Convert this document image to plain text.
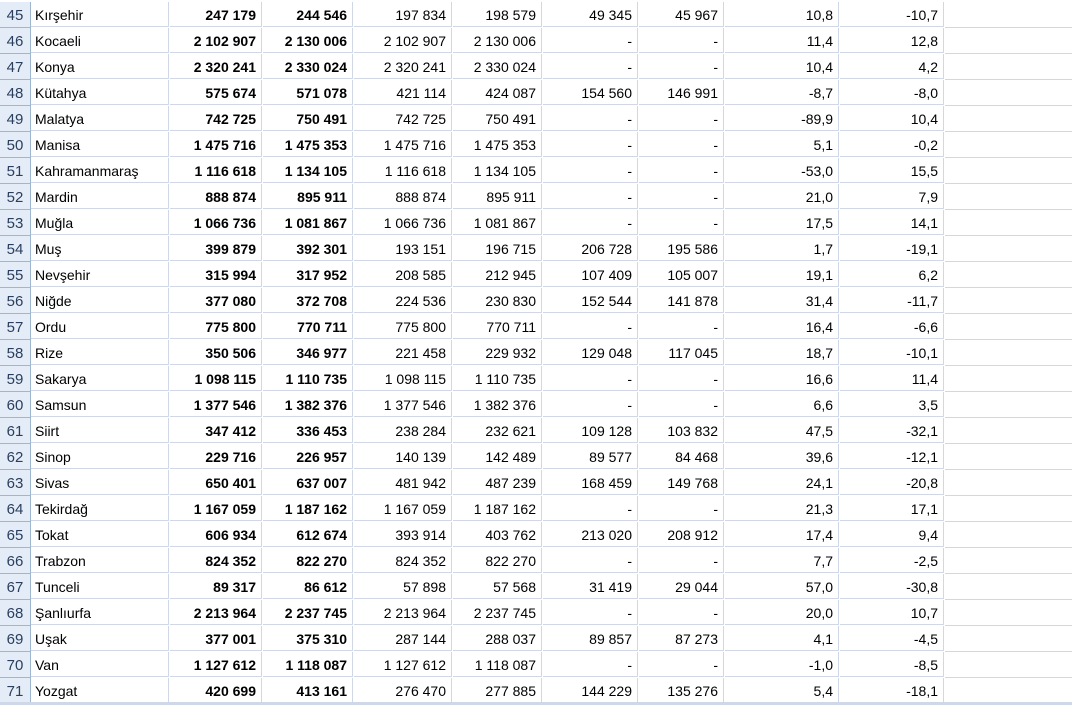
45 Kırşehir	247 179	244 546	197 834	198 579	49 345	45 967	10,8	-10,7
46 Kocaeli	2 102 907	2 130 006	2 102 907	2 130 006	-	-	11,4	12,8
47 Konya	2 320 241	2 330 024	2 320 241	2 330 024	-	-	10,4	4,2
48 Kütahya	575 674	571 078	421 114	424 087	154 560	146 991	-8,7	-8,0
49 Malatya	742 725	750 491	742 725	750 491	-	-	-89,9	10,4
50 Manisa	1 475 716	1 475 353	1 475 716	1 475 353	-	-	5,1	-0,2
51 Kahramanmaraş	1 116 618	1 134 105	1 116 618	1 134 105	-	-	-53,0	15,5
52 Mardin	888 874	895 911	888 874	895 911	-	-	21,0	7,9
53 Muğla	1 066 736	1 081 867	1 066 736	1 081 867	-	-	17,5	14,1
54 Muş	399 879	392 301	193 151	196 715	206 728	195 586	1,7	-19,1
55 Nevşehir	315 994	317 952	208 585	212 945	107 409	105 007	19,1	6,2
56 Niğde	377 080	372 708	224 536	230 830	152 544	141 878	31,4	-11,7
57 Ordu	775 800	770 711	775 800	770 711	-	-	16,4	-6,6
58 Rize	350 506	346 977	221 458	229 932	129 048	117 045	18,7	-10,1
59 Sakarya	1 098 115	1 110 735	1 098 115	1 110 735	-	-	16,6	11,4
60 Samsun	1 377 546	1 382 376	1 377 546	1 382 376	-	-	6,6	3,5
61 Siirt	347 412	336 453	238 284	232 621	109 128	103 832	47,5	-32,1
62 Sinop	229 716	226 957	140 139	142 489	89 577	84 468	39,6	-12,1
63 Sivas	650 401	637 007	481 942	487 239	168 459	149 768	24,1	-20,8
64 Tekirdağ	1 167 059	1 187 162	1 167 059	1 187 162	-	-	21,3	17,1
65 Tokat	606 934	612 674	393 914	403 762	213 020	208 912	17,4	9,4
66 Trabzon	824 352	822 270	824 352	822 270	-	-	7,7	-2,5
67 Tunceli	89 317	86 612	57 898	57 568	31 419	29 044	57,0	-30,8
68 Şanlıurfa	2 213 964	2 237 745	2 213 964	2 237 745	-	-	20,0	10,7
69 Uşak	377 001	375 310	287 144	288 037	89 857	87 273	4,1	-4,5
70 Van	1 127 612	1 118 087	1 127 612	1 118 087	-	-	-1,0	-8,5
71 Yozgat	420 699	413 161	276 470	277 885	144 229	135 276	5,4	-18,1
